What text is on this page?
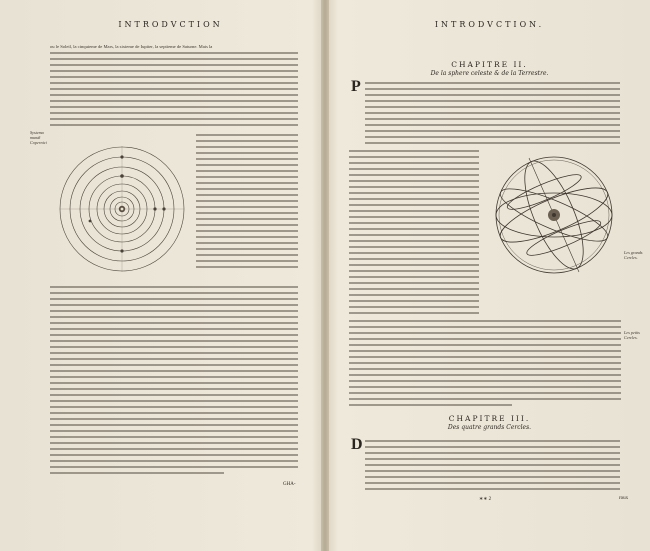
INTRODVCTION
ou le Soleil, la cinquieme de Mars, la sixieme de Iupiter, la septieme de Saturne. Mais la
Systema mundi Copernici
GHA-
INTRODVCTION.
CHAPITRE II.
De la sphere celeste & de la Terrestre.
P
Les grands Cercles.
Les petits Cercles.
CHAPITRE III.
Des quatre grands Cercles.
D
∗∗ 2	roux
